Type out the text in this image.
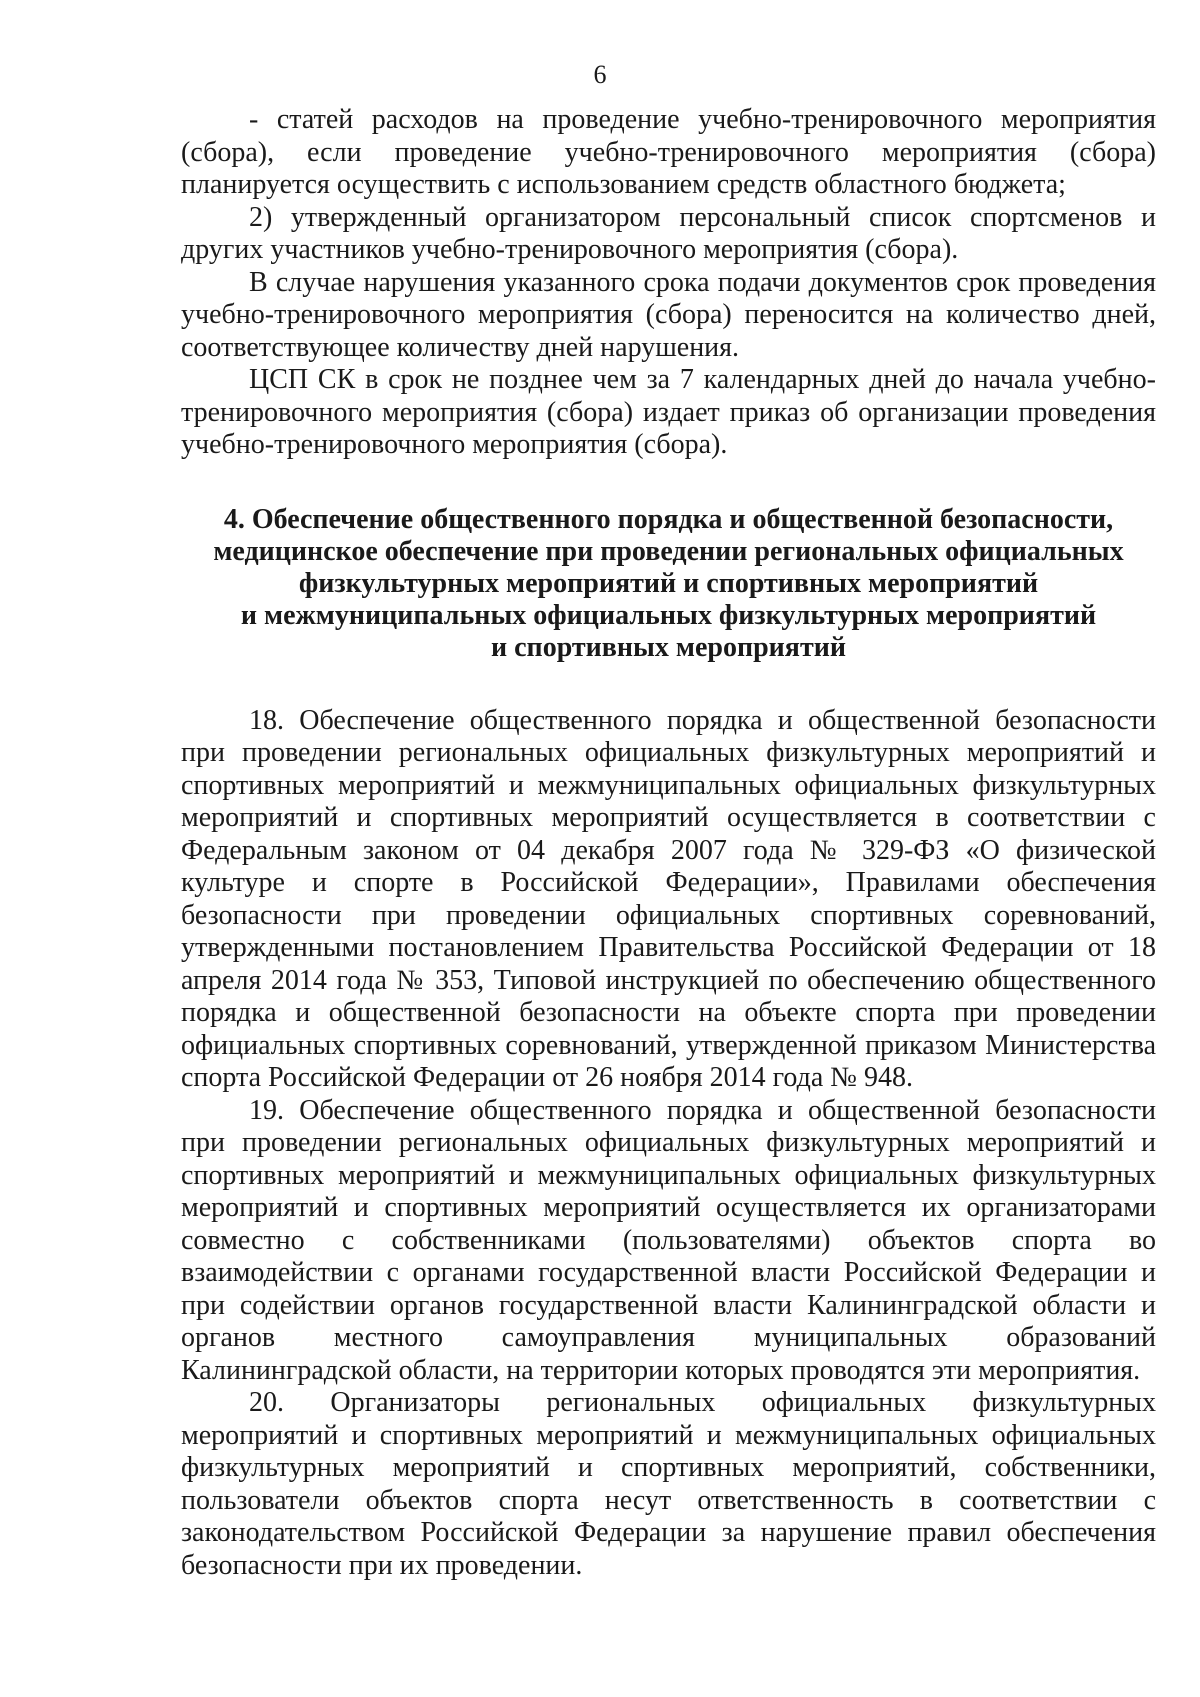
6

- статей расходов на проведение учебно-тренировочного мероприятия (сбора), если проведение учебно-тренировочного мероприятия (сбора) планируется осуществить с использованием средств областного бюджета;

2) утвержденный организатором персональный список спортсменов и других участников учебно-тренировочного мероприятия (сбора).

В случае нарушения указанного срока подачи документов срок проведения учебно-тренировочного мероприятия (сбора) переносится на количество дней, соответствующее количеству дней нарушения.

ЦСП СК в срок не позднее чем за 7 календарных дней до начала учебно-тренировочного мероприятия (сбора) издает приказ об организации проведения учебно-тренировочного мероприятия (сбора).

4. Обеспечение общественного порядка и общественной безопасности,
медицинское обеспечение при проведении региональных официальных
физкультурных мероприятий и спортивных мероприятий
и межмуниципальных официальных физкультурных мероприятий
и спортивных мероприятий

18. Обеспечение общественного порядка и общественной безопасности при проведении региональных официальных физкультурных мероприятий и спортивных мероприятий и межмуниципальных официальных физкультурных мероприятий и спортивных мероприятий осуществляется в соответствии с Федеральным законом от 04 декабря 2007 года № 329-ФЗ «О физической культуре и спорте в Российской Федерации», Правилами обеспечения безопасности при проведении официальных спортивных соревнований, утвержденными постановлением Правительства Российской Федерации от 18 апреля 2014 года № 353, Типовой инструкцией по обеспечению общественного порядка и общественной безопасности на объекте спорта при проведении официальных спортивных соревнований, утвержденной приказом Министерства спорта Российской Федерации от 26 ноября 2014 года № 948.

19. Обеспечение общественного порядка и общественной безопасности при проведении региональных официальных физкультурных мероприятий и спортивных мероприятий и межмуниципальных официальных физкультурных мероприятий и спортивных мероприятий осуществляется их организаторами совместно с собственниками (пользователями) объектов спорта во взаимодействии с органами государственной власти Российской Федерации и при содействии органов государственной власти Калининградской области и органов местного самоуправления муниципальных образований Калининградской области, на территории которых проводятся эти мероприятия.

20. Организаторы региональных официальных физкультурных мероприятий и спортивных мероприятий и межмуниципальных официальных физкультурных мероприятий и спортивных мероприятий, собственники, пользователи объектов спорта несут ответственность в соответствии с законодательством Российской Федерации за нарушение правил обеспечения безопасности при их проведении.
